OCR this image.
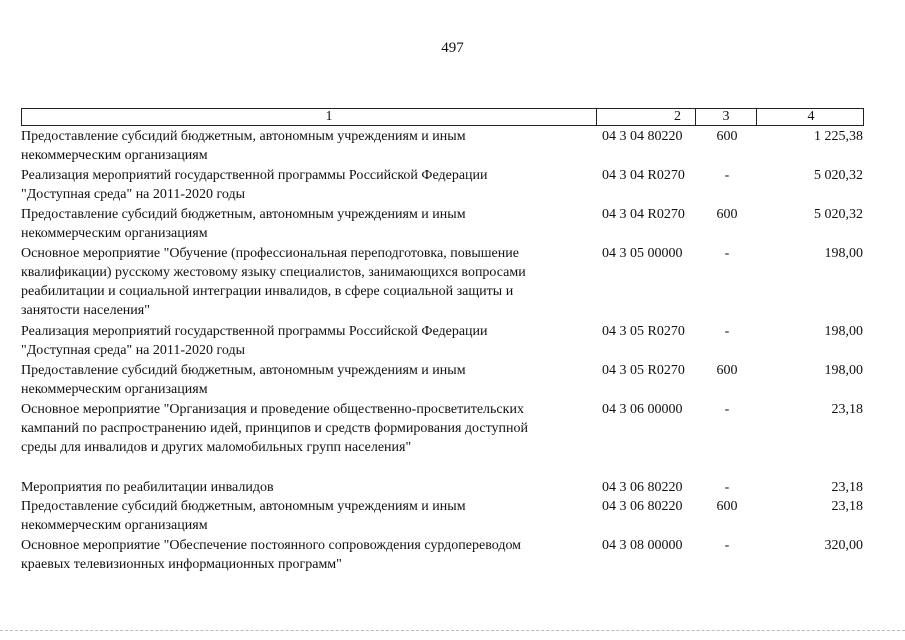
497
1	2	3	4
Предоставление субсидий бюджетным, автономным учреждениям и иным
некоммерческим организациям
04 3 04 80220	600	1 225,38
Реализация мероприятий государственной программы Российской Федерации
"Доступная среда" на 2011-2020 годы
04 3 04 R0270	-	5 020,32
Предоставление субсидий бюджетным, автономным учреждениям и иным
некоммерческим организациям
04 3 04 R0270	600	5 020,32
Основное мероприятие "Обучение (профессиональная переподготовка, повышение
квалификации) русскому жестовому языку специалистов, занимающихся вопросами
реабилитации и социальной интеграции инвалидов, в сфере социальной защиты и
занятости населения"
04 3 05 00000	-	198,00
Реализация мероприятий государственной программы Российской Федерации
"Доступная среда" на 2011-2020 годы
04 3 05 R0270	-	198,00
Предоставление субсидий бюджетным, автономным учреждениям и иным
некоммерческим организациям
04 3 05 R0270	600	198,00
Основное мероприятие "Организация и проведение общественно-просветительских
кампаний по распространению идей, принципов и средств формирования доступной
среды для инвалидов и других маломобильных групп населения"
04 3 06 00000	-	23,18
Мероприятия по реабилитации инвалидов	04 3 06 80220	-	23,18
Предоставление субсидий бюджетным, автономным учреждениям и иным
некоммерческим организациям
04 3 06 80220	600	23,18
Основное мероприятие "Обеспечение постоянного сопровождения сурдопереводом
краевых телевизионных информационных программ"
04 3 08 00000	-	320,00
